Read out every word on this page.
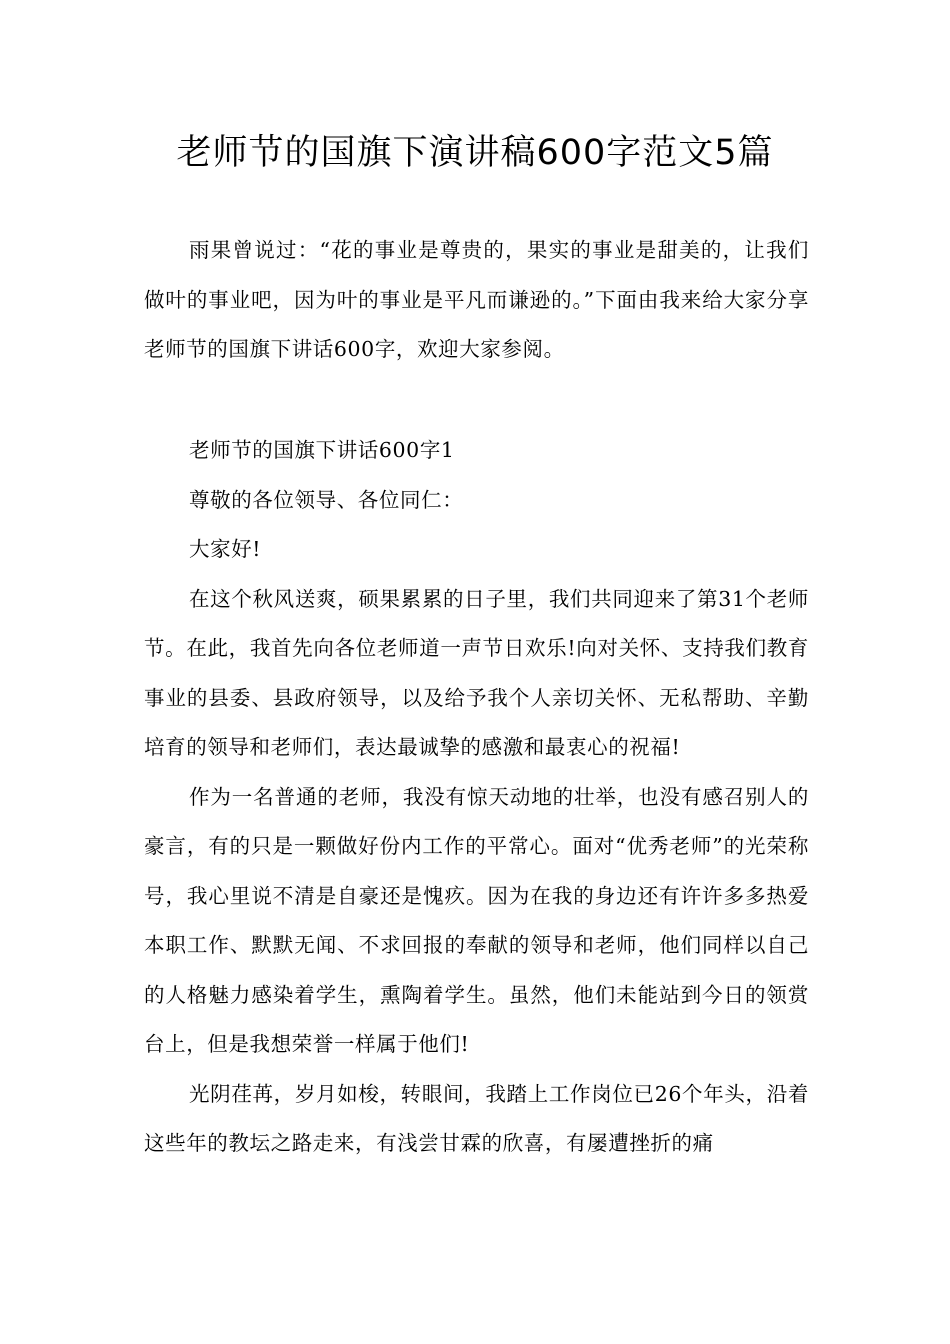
老师节的国旗下演讲稿600字范文5篇

雨果曾说过：“花的事业是尊贵的，果实的事业是甜美的，让我们做叶的事业吧，因为叶的事业是平凡而谦逊的。”下面由我来给大家分享老师节的国旗下讲话600字，欢迎大家参阅。

老师节的国旗下讲话600字1

尊敬的各位领导、各位同仁：

大家好!

在这个秋风送爽，硕果累累的日子里，我们共同迎来了第31个老师节。在此，我首先向各位老师道一声节日欢乐!向对关怀、支持我们教育事业的县委、县政府领导，以及给予我个人亲切关怀、无私帮助、辛勤培育的领导和老师们，表达最诚挚的感激和最衷心的祝福!

作为一名普通的老师，我没有惊天动地的壮举，也没有感召别人的豪言，有的只是一颗做好份内工作的平常心。面对“优秀老师”的光荣称号，我心里说不清是自豪还是愧疚。因为在我的身边还有许许多多热爱本职工作、默默无闻、不求回报的奉献的领导和老师，他们同样以自己的人格魅力感染着学生，熏陶着学生。虽然，他们未能站到今日的领赏台上，但是我想荣誉一样属于他们!

光阴荏苒，岁月如梭，转眼间，我踏上工作岗位已26个年头，沿着这些年的教坛之路走来，有浅尝甘霖的欣喜，有屡遭挫折的痛
